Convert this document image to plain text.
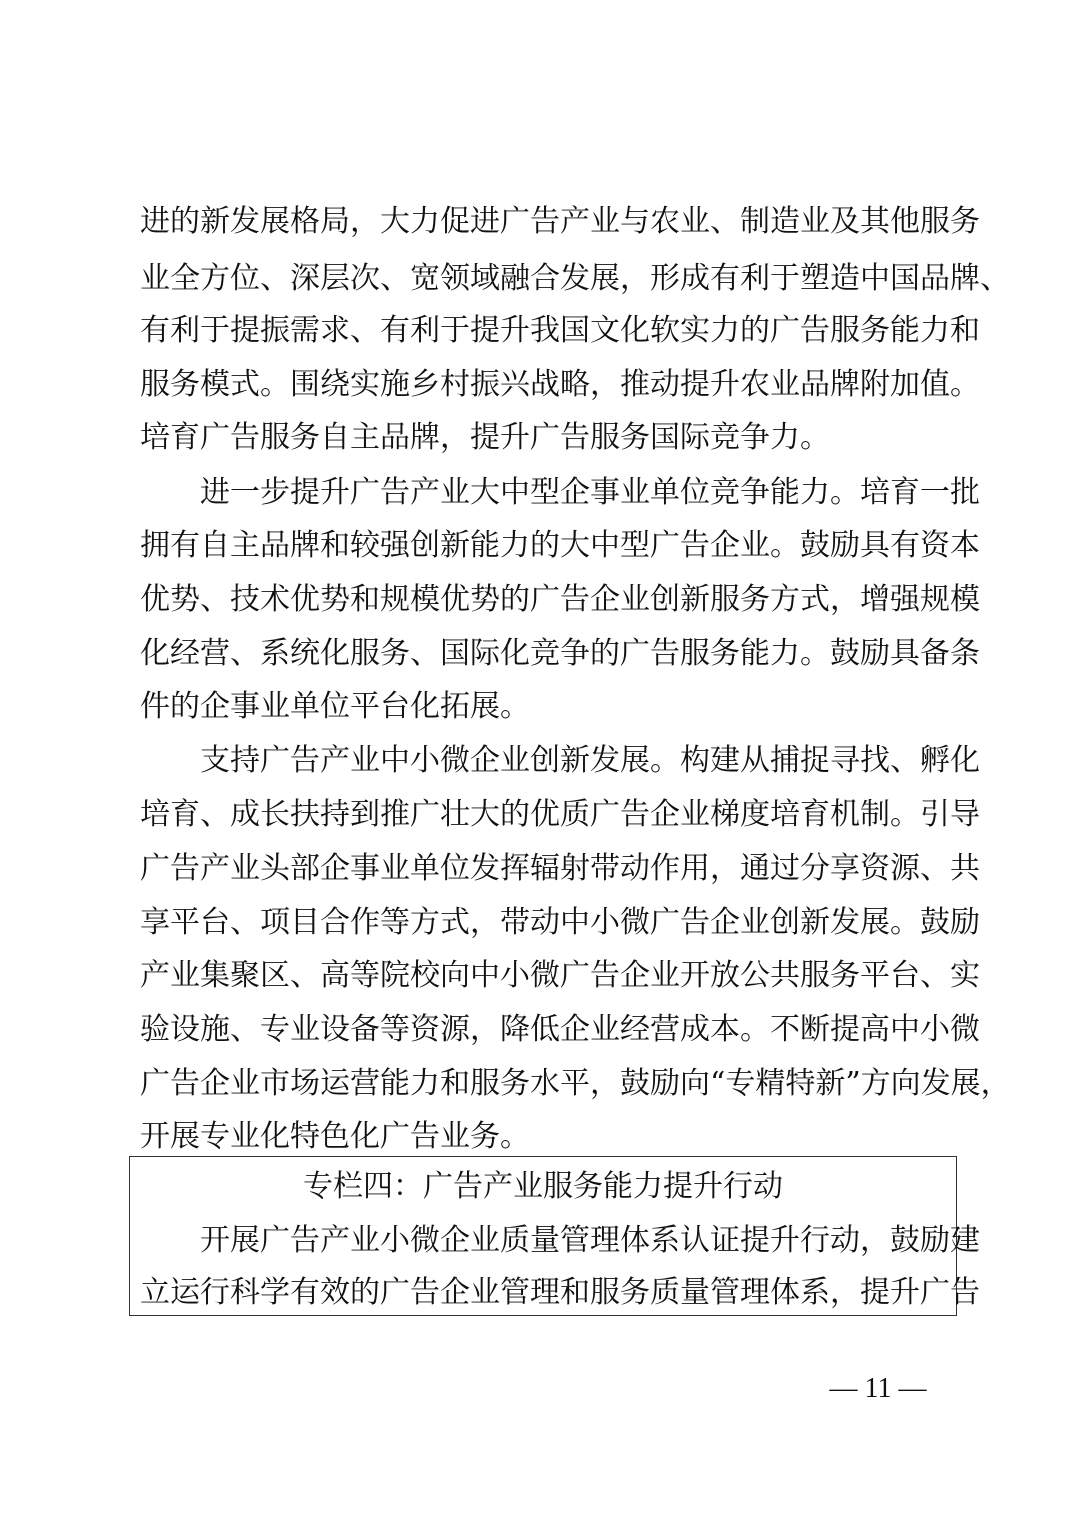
进的新发展格局，大力促进广告产业与农业、制造业及其他服务
业全方位、深层次、宽领域融合发展，形成有利于塑造中国品牌、
有利于提振需求、有利于提升我国文化软实力的广告服务能力和
服务模式。围绕实施乡村振兴战略，推动提升农业品牌附加值。
培育广告服务自主品牌，提升广告服务国际竞争力。
进一步提升广告产业大中型企事业单位竞争能力。培育一批
拥有自主品牌和较强创新能力的大中型广告企业。鼓励具有资本
优势、技术优势和规模优势的广告企业创新服务方式，增强规模
化经营、系统化服务、国际化竞争的广告服务能力。鼓励具备条
件的企事业单位平台化拓展。
支持广告产业中小微企业创新发展。构建从捕捉寻找、孵化
培育、成长扶持到推广壮大的优质广告企业梯度培育机制。引导
广告产业头部企事业单位发挥辐射带动作用，通过分享资源、共
享平台、项目合作等方式，带动中小微广告企业创新发展。鼓励
产业集聚区、高等院校向中小微广告企业开放公共服务平台、实
验设施、专业设备等资源，降低企业经营成本。不断提高中小微
广告企业市场运营能力和服务水平，鼓励向“专精特新”方向发展，
开展专业化特色化广告业务。
专栏四：广告产业服务能力提升行动
开展广告产业小微企业质量管理体系认证提升行动，鼓励建
立运行科学有效的广告企业管理和服务质量管理体系，提升广告
— 11 —
